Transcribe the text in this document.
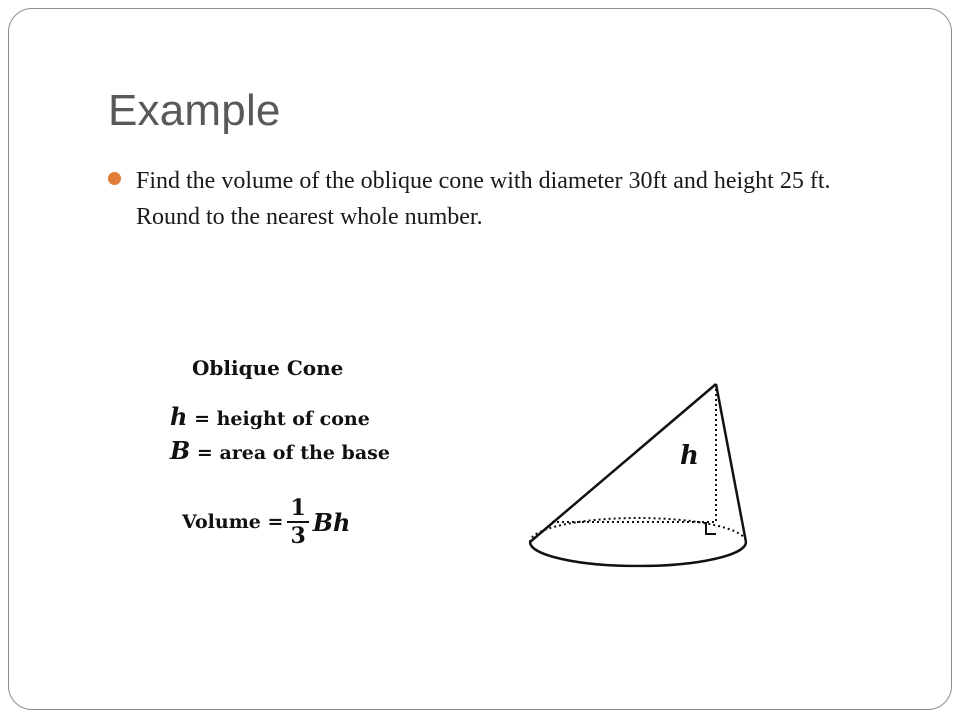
Example
Find the volume of the oblique cone with diameter 30ft and height 25 ft. Round to the nearest whole number.
Oblique Cone
h = height of cone
B = area of the base
Volume = $\frac{1}{3}$ Bh
h
